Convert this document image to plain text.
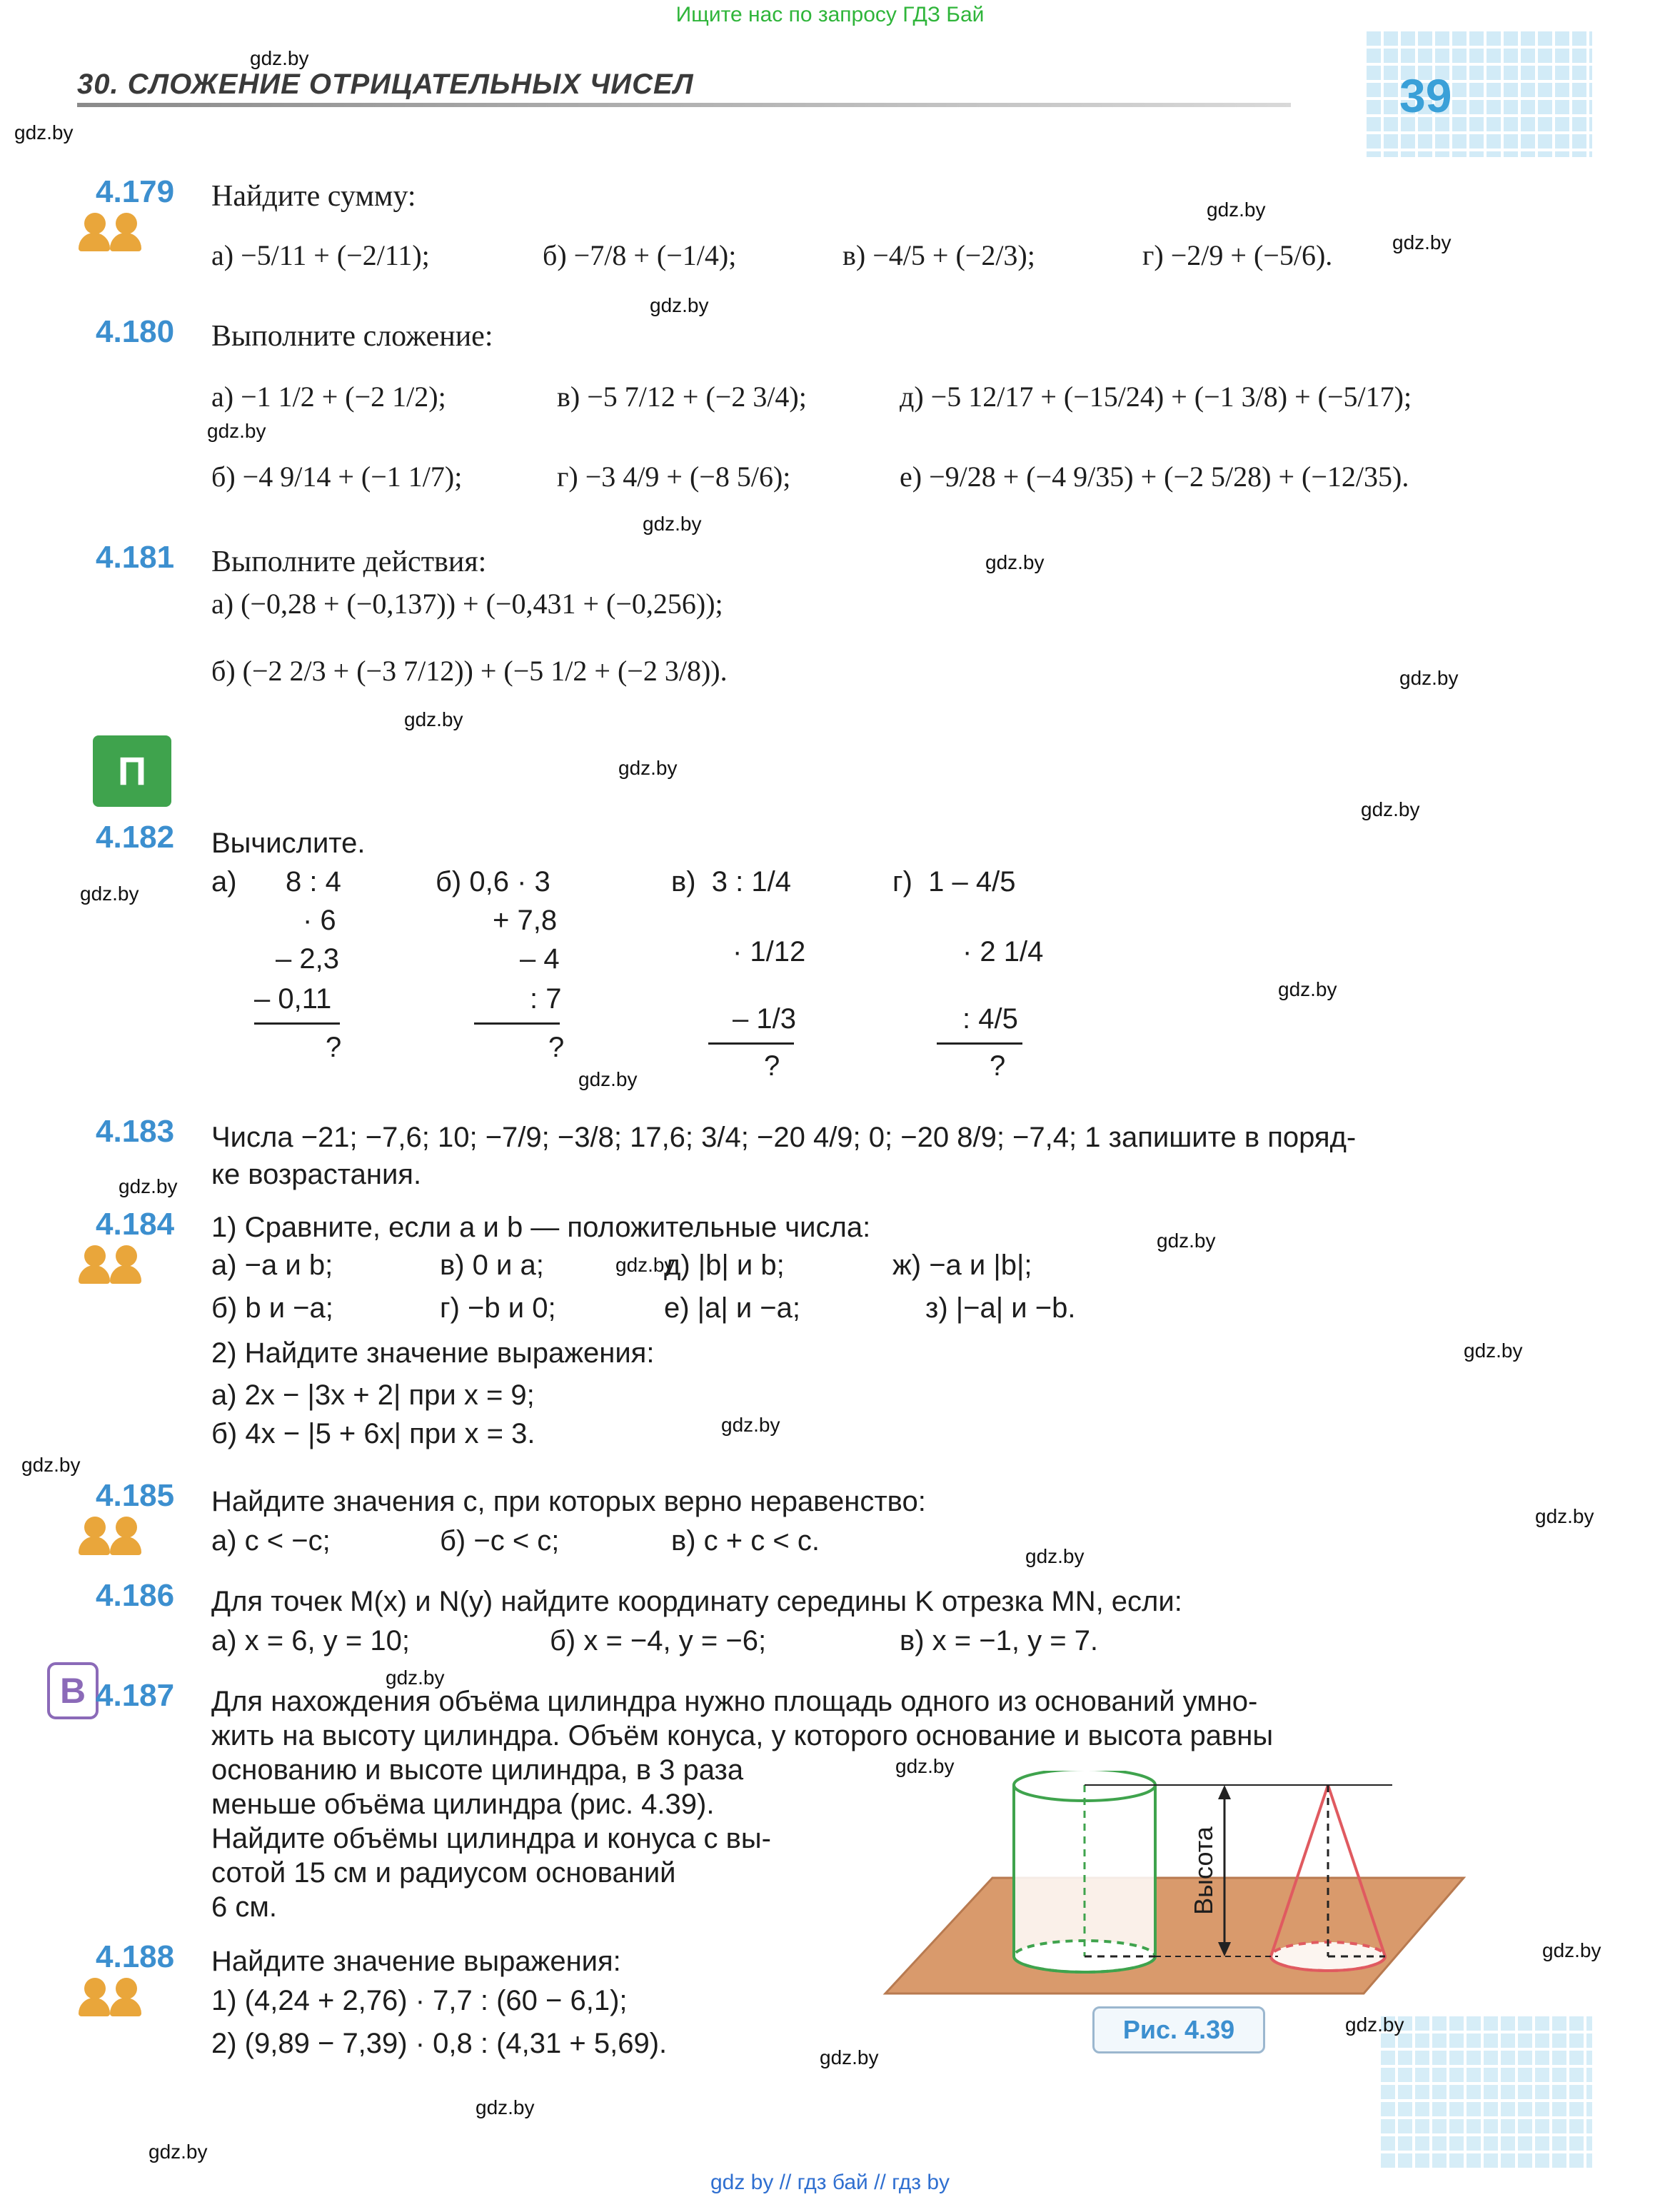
Ищите нас по запросу ГДЗ Бай
30. СЛОЖЕНИЕ ОТРИЦАТЕЛЬНЫХ ЧИСЕЛ	39
gdz.by
gdz.by
gdz.by
gdz.by
gdz.by
gdz.by
gdz.by
gdz.by
gdz.by
gdz.by
gdz.by
gdz.by
gdz.by
gdz.by
gdz.by
gdz.by
gdz.by
gdz.by
gdz.by
gdz.by
gdz.by
gdz.by
gdz.by
gdz.by
gdz.by
gdz.by
gdz.by
gdz.by
gdz.by
gdz.by
4.179 Найдите сумму:
а) −5/11 + (−2/11);	б) −7/8 + (−1/4);	в) −4/5 + (−2/3);	г) −2/9 + (−5/6).
4.180 Выполните сложение:
а) −1 1/2 + (−2 1/2);	в) −5 7/12 + (−2 3/4);	д) −5 12/17 + (−15/24) + (−1 3/8) + (−5/17);
б) −4 9/14 + (−1 1/7);	г) −3 4/9 + (−8 5/6);	е) −9/28 + (−4 9/35) + (−2 5/28) + (−12/35).
4.181 Выполните действия:
а) (−0,28 + (−0,137)) + (−0,431 + (−0,256));
б) (−2 2/3 + (−3 7/12)) + (−5 1/2 + (−2 3/8)).
П
4.182 Вычислите.
а) 8 : 4
· 6
– 2,3
– 0,11
?
б) 0,6 · 3
+ 7,8
– 4
: 7
?
в)  3 : 1/4
· 1/12
– 1/3
?
г)  1 – 4/5
· 2 1/4
: 4/5
?
4.183 Числа −21; −7,6; 10; −7/9; −3/8; 17,6; 3/4; −20 4/9; 0; −20 8/9; −7,4; 1 запишите в поряд-
ке возрастания.
4.184 1) Сравните, если a и b — положительные числа:
а) −a и b;	в) 0 и a;	д) |b| и b;	ж) −a и |b|;
б) b и −a;	г) −b и 0;	е) |a| и −a;	з) |−a| и −b.
2) Найдите значение выражения:
а) 2x − |3x + 2| при x = 9;
б) 4x − |5 + 6x| при x = 3.
4.185 Найдите значения c, при которых верно неравенство:
а) c < −c;	б) −c < c;	в) c + c < c.
4.186 Для точек M(x) и N(y) найдите координату середины K отрезка MN, если:
а) x = 6, y = 10;	б) x = −4, y = −6;	в) x = −1, y = 7.
В 4.187 Для нахождения объёма цилиндра нужно площадь одного из оснований умно-
жить на высоту цилиндра. Объём конуса, у которого основание и высота равны
основанию и высоте цилиндра, в 3 раза
меньше объёма цилиндра (рис. 4.39).
Найдите объёмы цилиндра и конуса с вы-
сотой 15 см и радиусом оснований
6 см.	Высота
Рис. 4.39
4.188 Найдите значение выражения:
1) (4,24 + 2,76) · 7,7 : (60 − 6,1);
2) (9,89 − 7,39) · 0,8 : (4,31 + 5,69).
gdz by // гдз бай // гдз by
